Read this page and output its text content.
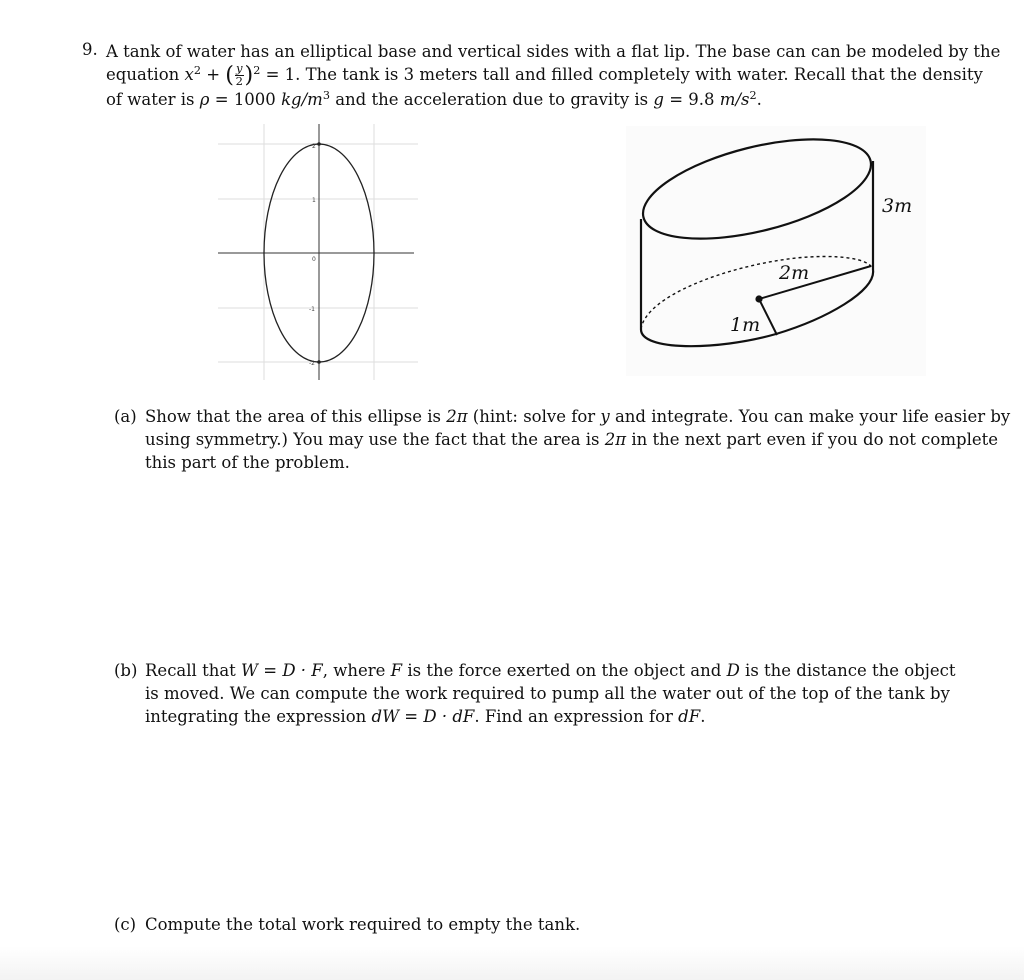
9. A tank of water has an elliptical base and vertical sides with a flat lip. The base can can be modeled by the
equation $x^2$ + ( $\frac{y}{2} )^2 = 1$. The tank is 3 meters tall and filled completely with water. Recall that the density
of water is ρ = 1000 $kg/m^3$ and the acceleration due to gravity is g = 9.8 $m/s^2$.
2
1
0
-1
-2
3m
2m
1m
(a) Show that the area of this ellipse is 2π (hint: solve for y and integrate. You can make your life easier by
using symmetry.) You may use the fact that the area is 2π in the next part even if you do not complete
this part of the problem.
(b) Recall that W = D · F, where F is the force exerted on the object and D is the distance the object
is moved. We can compute the work required to pump all the water out of the top of the tank by
integrating the expression dW = D · dF. Find an expression for dF.
(c) Compute the total work required to empty the tank.
